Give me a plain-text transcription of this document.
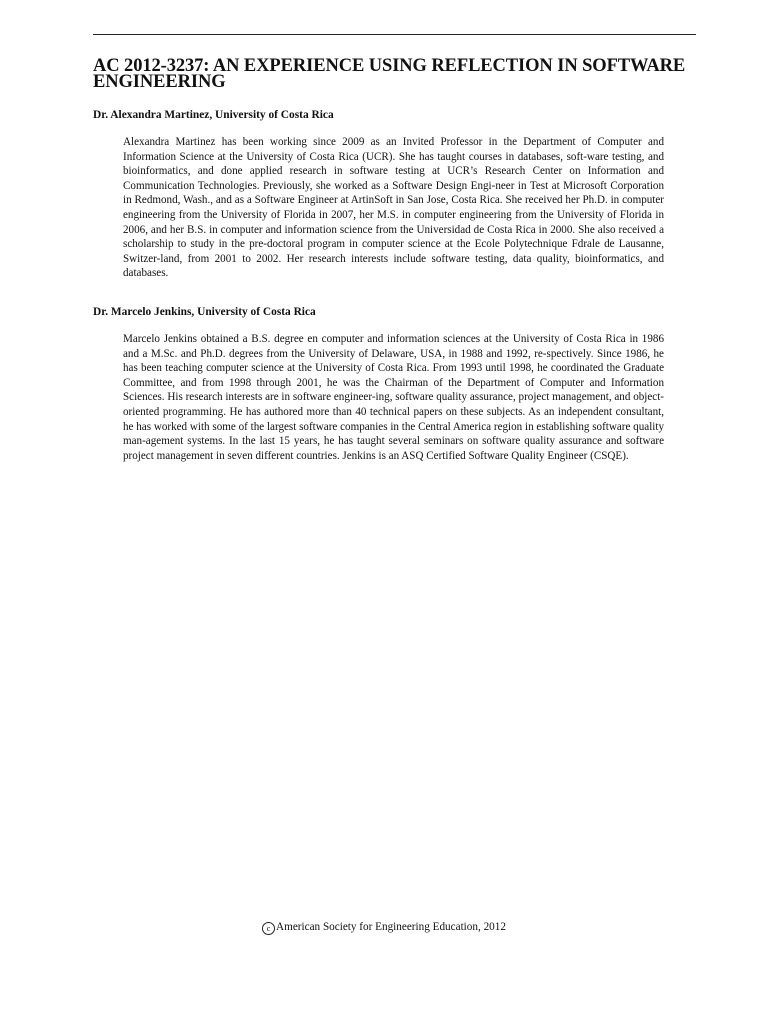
AC 2012-3237: AN EXPERIENCE USING REFLECTION IN SOFTWARE ENGINEERING
Dr. Alexandra Martinez, University of Costa Rica

Alexandra Martinez has been working since 2009 as an Invited Professor in the Department of Computer and Information Science at the University of Costa Rica (UCR). She has taught courses in databases, soft-ware testing, and bioinformatics, and done applied research in software testing at UCR’s Research Center on Information and Communication Technologies. Previously, she worked as a Software Design Engi-neer in Test at Microsoft Corporation in Redmond, Wash., and as a Software Engineer at ArtinSoft in San Jose, Costa Rica. She received her Ph.D. in computer engineering from the University of Florida in 2007, her M.S. in computer engineering from the University of Florida in 2006, and her B.S. in computer and information science from the Universidad de Costa Rica in 2000. She also received a scholarship to study in the pre-doctoral program in computer science at the Ecole Polytechnique Fdrale de Lausanne, Switzer-land, from 2001 to 2002. Her research interests include software testing, data quality, bioinformatics, and databases.

Dr. Marcelo Jenkins, University of Costa Rica

Marcelo Jenkins obtained a B.S. degree en computer and information sciences at the University of Costa Rica in 1986 and a M.Sc. and Ph.D. degrees from the University of Delaware, USA, in 1988 and 1992, re-spectively. Since 1986, he has been teaching computer science at the University of Costa Rica. From 1993 until 1998, he coordinated the Graduate Committee, and from 1998 through 2001, he was the Chairman of the Department of Computer and Information Sciences. His research interests are in software engineer-ing, software quality assurance, project management, and object-oriented programming. He has authored more than 40 technical papers on these subjects. As an independent consultant, he has worked with some of the largest software companies in the Central America region in establishing software quality man-agement systems. In the last 15 years, he has taught several seminars on software quality assurance and software project management in seven different countries. Jenkins is an ASQ Certified Software Quality Engineer (CSQE).

c American Society for Engineering Education, 2012
